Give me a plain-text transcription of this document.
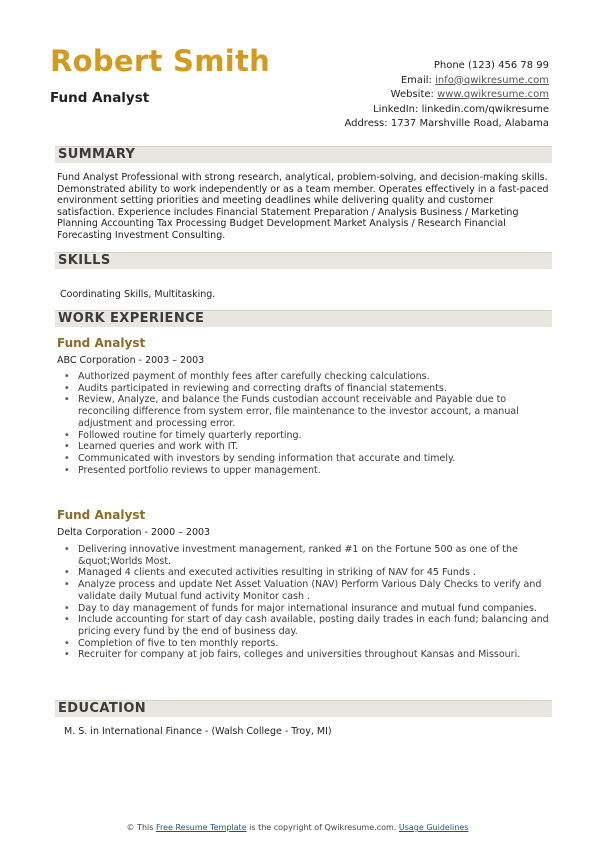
Robert Smith
Fund Analyst
Phone (123) 456 78 99
Email: info@qwikresume.com
Website: www.qwikresume.com
LinkedIn: linkedin.com/qwikresume
Address: 1737 Marshville Road, Alabama
SUMMARY

Fund Analyst Professional with strong research, analytical, problem-solving, and decision-making skills. Demonstrated ability to work independently or as a team member. Operates effectively in a fast-paced environment setting priorities and meeting deadlines while delivering quality and customer satisfaction. Experience includes Financial Statement Preparation / Analysis Business / Marketing Planning Accounting Tax Processing Budget Development Market Analysis / Research Financial Forecasting Investment Consulting.

SKILLS
Coordinating Skills, Multitasking.
WORK EXPERIENCE
Fund Analyst
ABC Corporation - 2003 – 2003
• Authorized payment of monthly fees after carefully checking calculations.
• Audits participated in reviewing and correcting drafts of financial statements.
• Review, Analyze, and balance the Funds custodian account receivable and Payable due to reconciling difference from system error, file maintenance to the investor account, a manual adjustment and processing error.
• Followed routine for timely quarterly reporting.
• Learned queries and work with IT.
• Communicated with investors by sending information that accurate and timely.
• Presented portfolio reviews to upper management.
Fund Analyst
Delta Corporation - 2000 – 2003
• Delivering innovative investment management, ranked #1 on the Fortune 500 as one of the &quot;Worlds Most.
• Managed 4 clients and executed activities resulting in striking of NAV for 45 Funds .
• Analyze process and update Net Asset Valuation (NAV) Perform Various Daly Checks to verify and validate daily Mutual fund activity Monitor cash .
• Day to day management of funds for major international insurance and mutual fund companies.
• Include accounting for start of day cash available, posting daily trades in each fund; balancing and pricing every fund by the end of business day.
• Completion of five to ten monthly reports.
• Recruiter for company at job fairs, colleges and universities throughout Kansas and Missouri.
EDUCATION
M. S. in International Finance - (Walsh College - Troy, MI)
© This Free Resume Template is the copyright of Qwikresume.com. Usage Guidelines
